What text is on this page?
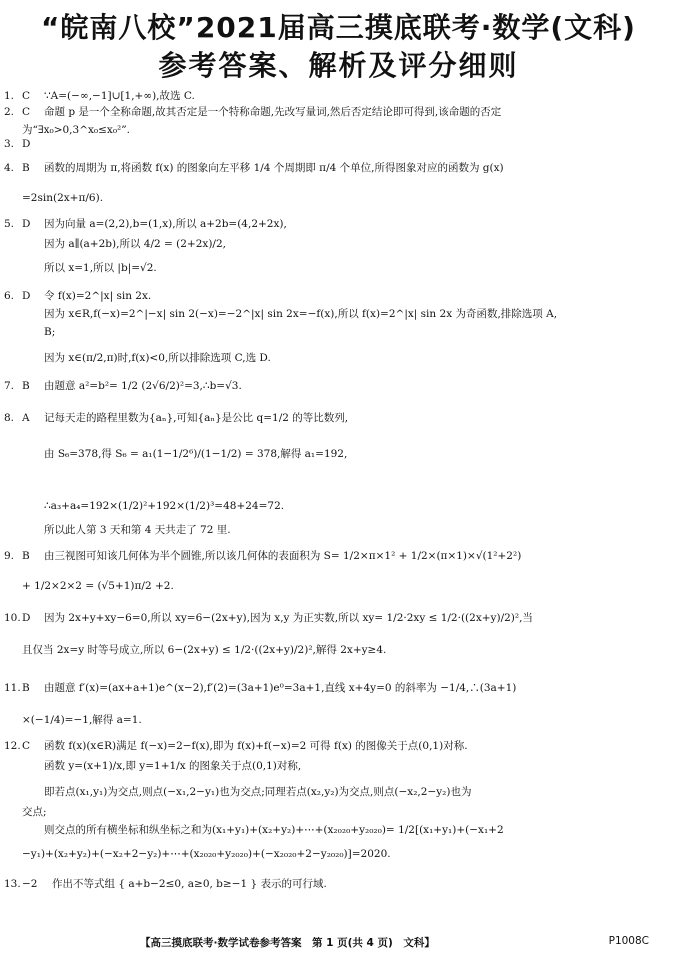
“皖南八校”2021届高三摸底联考·数学(文科)
参考答案、解析及评分细则
1. C ∵A=(−∞,−1]∪[1,+∞),故选 C.
2. C 命题 p 是一个全称命题,故其否定是一个特称命题,先改写量词,然后否定结论即可得到,该命题的否定
为“∃x₀>0,3^x₀≤x₀²”.
3. D
4. B 函数的周期为 π,将函数 f(x) 的图象向左平移 1/4 个周期即 π/4 个单位,所得图象对应的函数为 g(x)
=2sin(2x+π/6).
5. D 因为向量 a=(2,2),b=(1,x),所以 a+2b=(4,2+2x),
因为 a∥(a+2b),所以 4/2 = (2+2x)/2,
所以 x=1,所以 |b|=√2.
6. D 令 f(x)=2^|x| sin 2x.
因为 x∈R,f(−x)=2^|−x| sin 2(−x)=−2^|x| sin 2x=−f(x),所以 f(x)=2^|x| sin 2x 为奇函数,排除选项 A,
B;
因为 x∈(π/2,π)时,f(x)<0,所以排除选项 C,选 D.
7. B 由题意 a²=b²= 1/2 (2√6/2)²=3,∴b=√3.
8. A 记每天走的路程里数为{aₙ},可知{aₙ}是公比 q=1/2 的等比数列,
由 S₆=378,得 S₆ = a₁(1−1/2⁶)/(1−1/2) = 378,解得 a₁=192,
∴a₃+a₄=192×(1/2)²+192×(1/2)³=48+24=72.
所以此人第 3 天和第 4 天共走了 72 里.
9. B 由三视图可知该几何体为半个圆锥,所以该几何体的表面积为 S= 1/2×π×1² + 1/2×(π×1)×√(1²+2²)
+ 1/2×2×2 = (√5+1)π/2 +2.
10. D 因为 2x+y+xy−6=0,所以 xy=6−(2x+y),因为 x,y 为正实数,所以 xy= 1/2·2xy ≤ 1/2·((2x+y)/2)²,当
且仅当 2x=y 时等号成立,所以 6−(2x+y) ≤ 1/2·((2x+y)/2)²,解得 2x+y≥4.
11. B 由题意 f′(x)=(ax+a+1)e^(x−2),f′(2)=(3a+1)e⁰=3a+1,直线 x+4y=0 的斜率为 −1/4,∴(3a+1)
×(−1/4)=−1,解得 a=1.
12. C 函数 f(x)(x∈R)满足 f(−x)=2−f(x),即为 f(x)+f(−x)=2 可得 f(x) 的图像关于点(0,1)对称.
函数 y=(x+1)/x,即 y=1+1/x 的图象关于点(0,1)对称,
即若点(x₁,y₁)为交点,则点(−x₁,2−y₁)也为交点;同理若点(x₂,y₂)为交点,则点(−x₂,2−y₂)也为
交点;
则交点的所有横坐标和纵坐标之和为(x₁+y₁)+(x₂+y₂)+⋯+(x₂₀₂₀+y₂₀₂₀)= 1/2[(x₁+y₁)+(−x₁+2
−y₁)+(x₂+y₂)+(−x₂+2−y₂)+⋯+(x₂₀₂₀+y₂₀₂₀)+(−x₂₀₂₀+2−y₂₀₂₀)]=2020.
13. −2 作出不等式组 { a+b−2≤0, a≥0, b≥−1 } 表示的可行域.
【高三摸底联考·数学试卷参考答案　第 1 页(共 4 页)　文科】	P1008C
